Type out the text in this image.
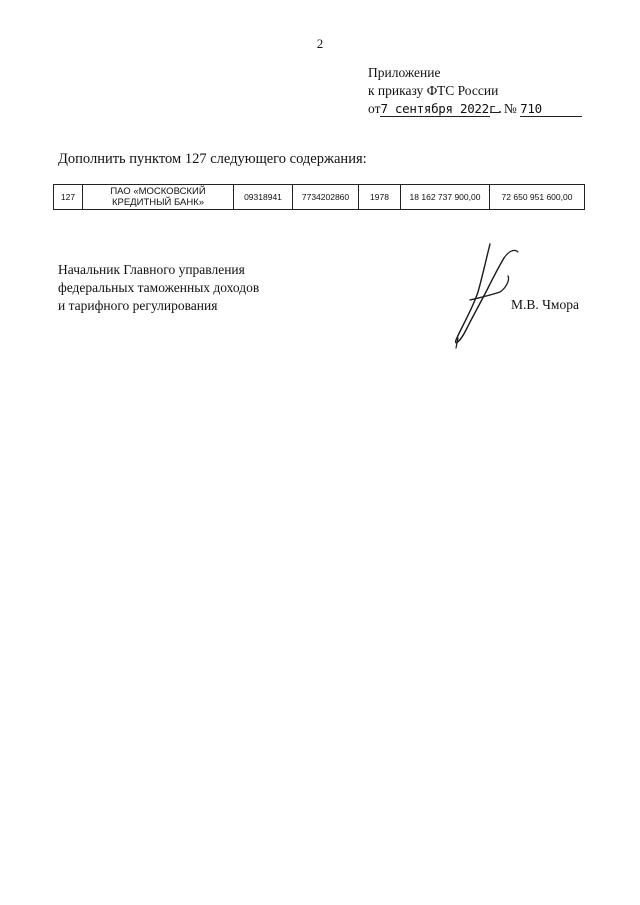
2
Приложение
к приказу ФТС России
от7 сентября 2022г. № 710
Дополнить пунктом 127 следующего содержания:
127	ПАО «МОСКОВСКИЙ КРЕДИТНЫЙ БАНК»	09318941	7734202860	1978	18 162 737 900,00	72 650 951 600,00
Начальник Главного управления
федеральных таможенных доходов
и тарифного регулирования	М.В. Чмора
